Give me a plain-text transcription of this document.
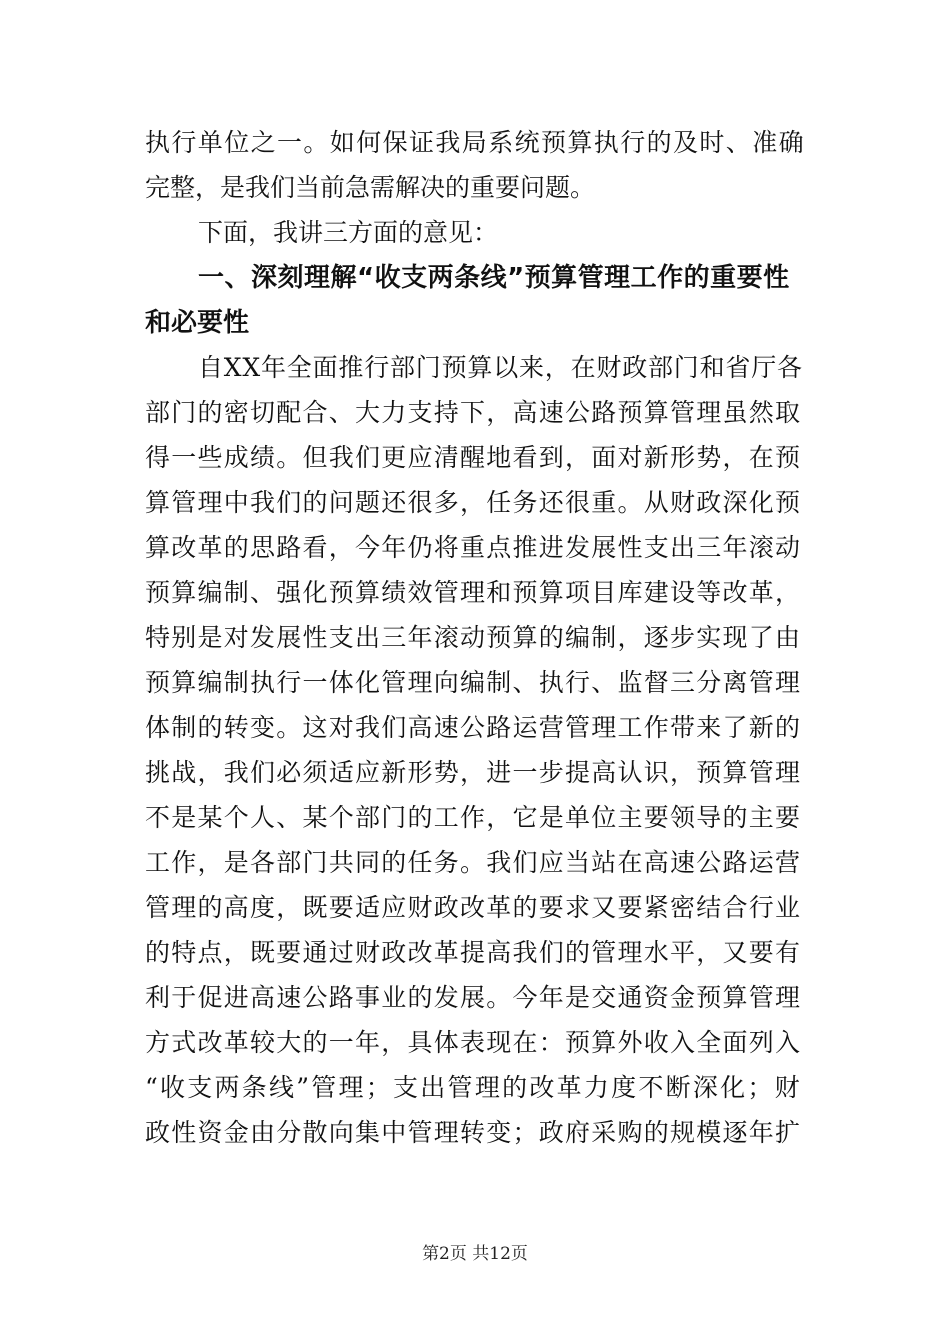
执行单位之一。如何保证我局系统预算执行的及时、准确
完整，是我们当前急需解决的重要问题。
下面，我讲三方面的意见：
一、深刻理解“收支两条线”预算管理工作的重要性
和必要性
自XX年全面推行部门预算以来，在财政部门和省厅各
部门的密切配合、大力支持下，高速公路预算管理虽然取
得一些成绩。但我们更应清醒地看到，面对新形势，在预
算管理中我们的问题还很多，任务还很重。从财政深化预
算改革的思路看，今年仍将重点推进发展性支出三年滚动
预算编制、强化预算绩效管理和预算项目库建设等改革，
特别是对发展性支出三年滚动预算的编制，逐步实现了由
预算编制执行一体化管理向编制、执行、监督三分离管理
体制的转变。这对我们高速公路运营管理工作带来了新的
挑战，我们必须适应新形势，进一步提高认识，预算管理
不是某个人、某个部门的工作，它是单位主要领导的主要
工作，是各部门共同的任务。我们应当站在高速公路运营
管理的高度，既要适应财政改革的要求又要紧密结合行业
的特点，既要通过财政改革提高我们的管理水平，又要有
利于促进高速公路事业的发展。今年是交通资金预算管理
方式改革较大的一年，具体表现在：预算外收入全面列入
“收支两条线”管理；支出管理的改革力度不断深化；财
政性资金由分散向集中管理转变；政府采购的规模逐年扩
第2页 共12页
